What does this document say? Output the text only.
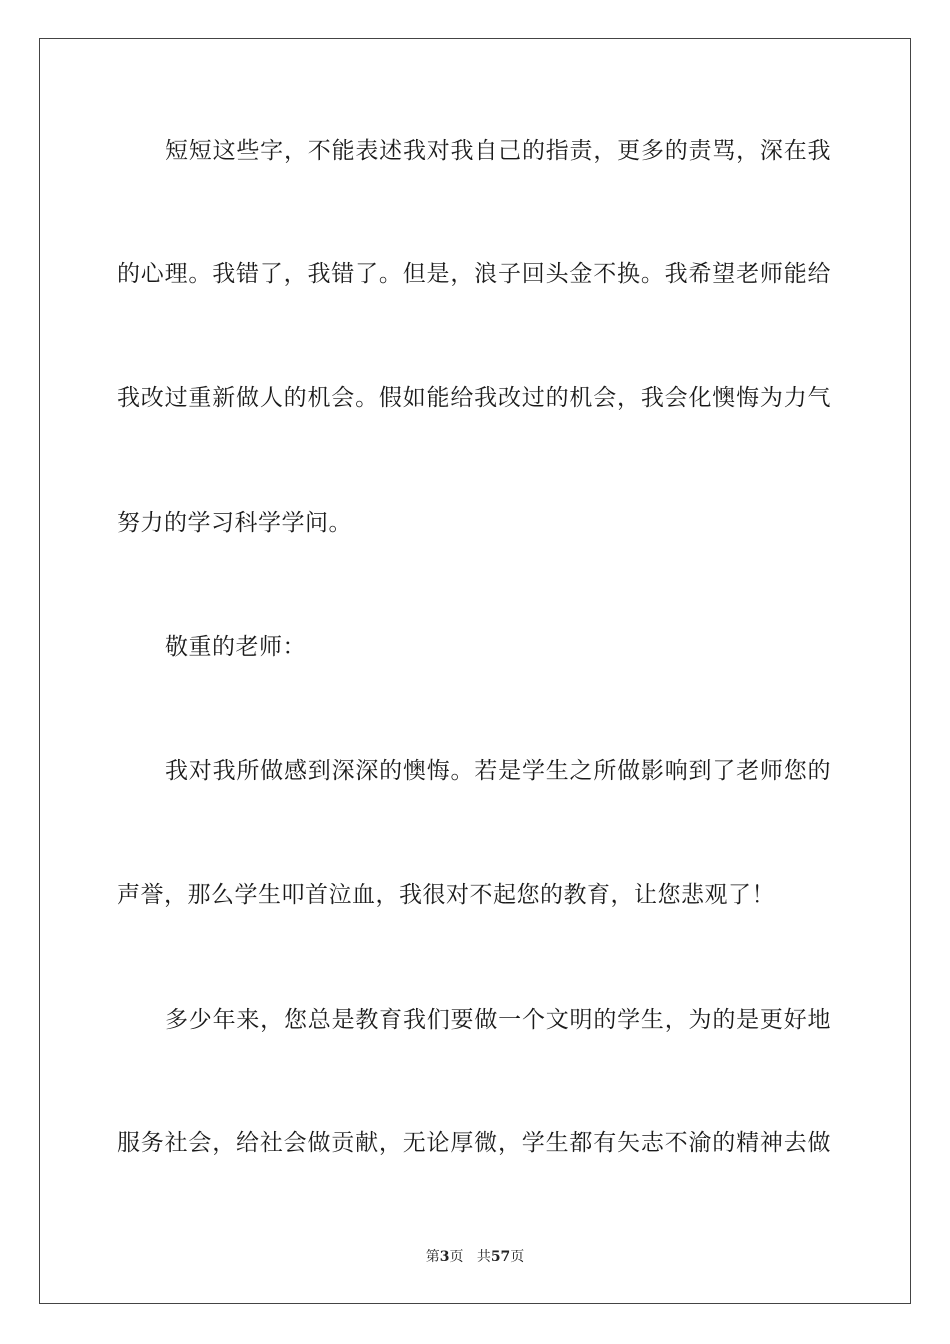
短短这些字，不能表述我对我自己的指责，更多的责骂，深在我
的心理。我错了，我错了。但是，浪子回头金不换。我希望老师能给
我改过重新做人的机会。假如能给我改过的机会，我会化懊悔为力气
努力的学习科学学问。
敬重的老师：
我对我所做感到深深的懊悔。若是学生之所做影响到了老师您的
声誉，那么学生叩首泣血，我很对不起您的教育，让您悲观了！
多少年来，您总是教育我们要做一个文明的学生，为的是更好地
服务社会，给社会做贡献，无论厚微，学生都有矢志不渝的精神去做
第3页 共57页
